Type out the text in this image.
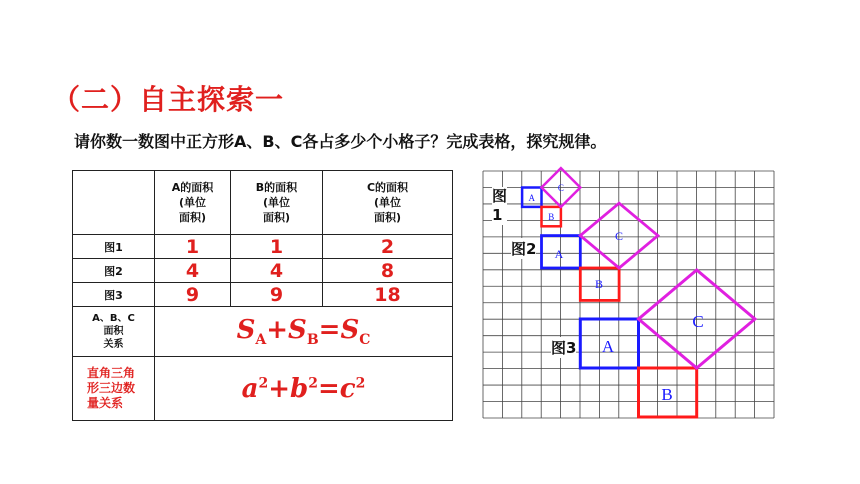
（二）自主探索一
请你数一数图中正方形A、B、C各占多少个小格子？完成表格，探究规律。
	A的面积
(单位
面积)	B的面积
(单位
面积)	C的面积
(单位
面积)
图1	1	1	2
图2	4	4	8
图3	9	9	18
A、B、C
面积
关系	$S_A+S_B=S_C$
直角三角
形三边数
量关系	$a^2+b^2=c^2$
A
B
C
A
B
C
A
B
C
图
1
图2
图3
